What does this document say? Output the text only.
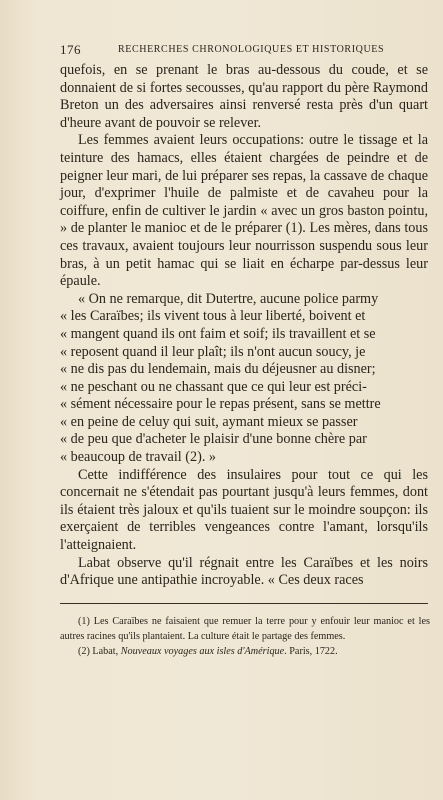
176	RECHERCHES CHRONOLOGIQUES ET HISTORIQUES

quefois, en se prenant le bras au-dessous du coude, et se donnaient de si fortes secousses, qu'au rapport du père Raymond Breton un des adversaires ainsi renversé resta près d'un quart d'heure avant de pouvoir se relever.

Les femmes avaient leurs occupations: outre le tissage et la teinture des hamacs, elles étaient chargées de peindre et de peigner leur mari, de lui préparer ses repas, la cassave de chaque jour, d'exprimer l'huile de palmiste et de cavaheu pour la coiffure, enfin de cultiver le jardin « avec un gros baston pointu, » de planter le manioc et de le préparer (1). Les mères, dans tous ces travaux, avaient toujours leur nourrisson suspendu sous leur bras, à un petit hamac qui se liait en écharpe par-dessus leur épaule.

« On ne remarque, dit Dutertre, aucune police parmy

« les Caraïbes; ils vivent tous à leur liberté, boivent et

« mangent quand ils ont faim et soif; ils travaillent et se

« reposent quand il leur plaît; ils n'ont aucun soucy, je

« ne dis pas du lendemain, mais du déjeusner au disner;

« ne peschant ou ne chassant que ce qui leur est préci-

« sément nécessaire pour le repas présent, sans se mettre

« en peine de celuy qui suit, aymant mieux se passer

« de peu que d'acheter le plaisir d'une bonne chère par

« beaucoup de travail (2). »

Cette indifférence des insulaires pour tout ce qui les concernait ne s'étendait pas pourtant jusqu'à leurs femmes, dont ils étaient très jaloux et qu'ils tuaient sur le moindre soupçon: ils exerçaient de terribles vengeances contre l'amant, lorsqu'ils l'atteignaient.

Labat observe qu'il régnait entre les Caraïbes et les noirs d'Afrique une antipathie incroyable. « Ces deux races

(1) Les Caraïbes ne faisaient que remuer la terre pour y enfouir leur manioc et les autres racines qu'ils plantaient. La culture était le partage des femmes.

(2) Labat, Nouveaux voyages aux isles d'Amérique. Paris, 1722.
